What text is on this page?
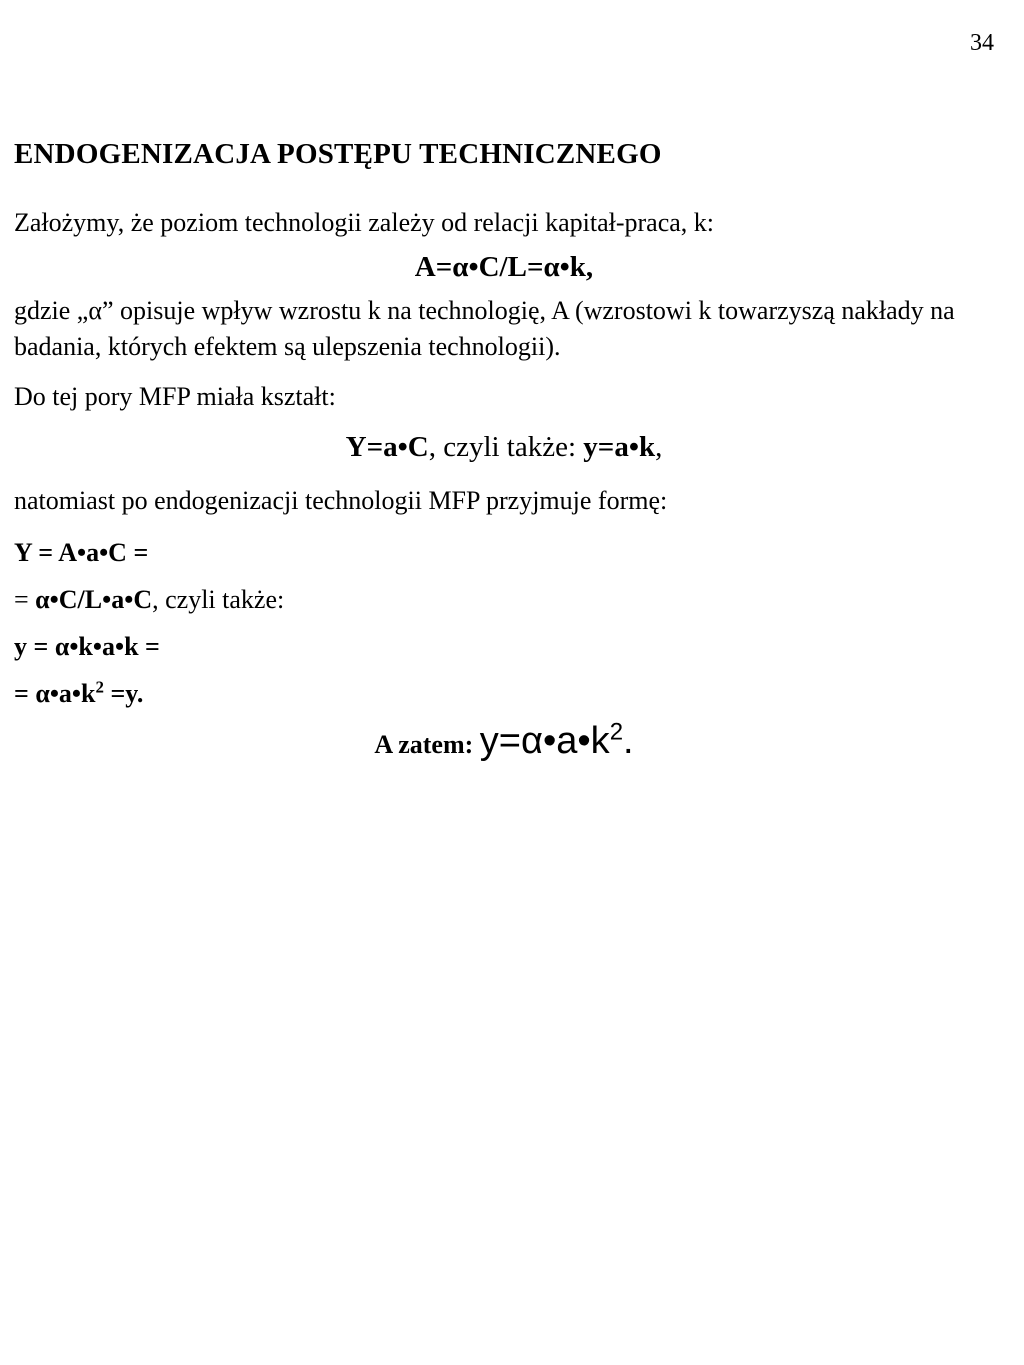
34
ENDOGENIZACJA POSTĘPU TECHNICZNEGO

Założymy, że poziom technologii zależy od relacji kapitał-praca, k:

A=α•C/L=α•k,

gdzie „α” opisuje wpływ wzrostu k na technologię, A (wzrostowi k towarzyszą nakłady na badania, których efektem są ulepszenia technologii).

Do tej pory MFP miała kształt:

Y=a•C, czyli także: y=a•k,

natomiast po endogenizacji technologii MFP przyjmuje formę:

Y = A•a•C =
= α•C/L•a•C, czyli także:
y = α•k•a•k =
= $\alpha•a•k^2 =y$.

A zatem: $y=\alpha•a•k^2$.
